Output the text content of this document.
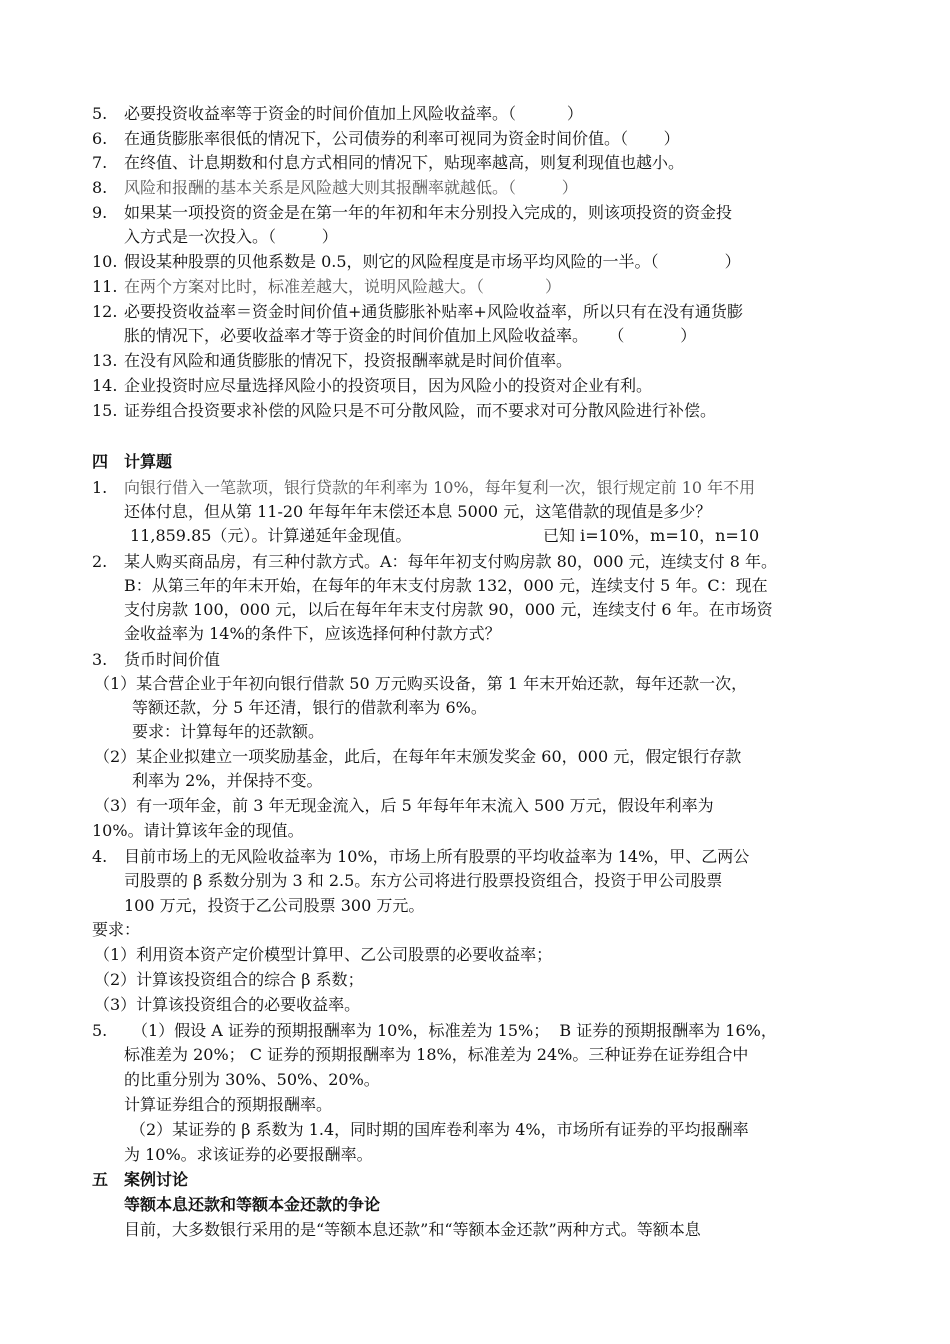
5. 必要投资收益率等于资金的时间价值加上风险收益率。（          ）
6. 在通货膨胀率很低的情况下，公司债券的利率可视同为资金时间价值。（       ）
7. 在终值、计息期数和付息方式相同的情况下，贴现率越高，则复利现值也越小。
8. 风险和报酬的基本关系是风险越大则其报酬率就越低。（         ）
9. 如果某一项投资的资金是在第一年的年初和年末分别投入完成的，则该项投资的资金投
入方式是一次投入。（         ）
10. 假设某种股票的贝他系数是 0.5，则它的风险程度是市场平均风险的一半。（             ）
11. 在两个方案对比时，标准差越大，说明风险越大。（            ）
12. 必要投资收益率＝资金时间价值+通货膨胀补贴率+风险收益率，所以只有在没有通货膨
胀的情况下，必要收益率才等于资金的时间价值加上风险收益率。    （           ）
13. 在没有风险和通货膨胀的情况下，投资报酬率就是时间价值率。
14. 企业投资时应尽量选择风险小的投资项目，因为风险小的投资对企业有利。
15. 证券组合投资要求补偿的风险只是不可分散风险，而不要求对可分散风险进行补偿。
四 计算题
1. 向银行借入一笔款项，银行贷款的年利率为 10%，每年复利一次，银行规定前 10 年不用
还体付息，但从第 11-20 年每年年末偿还本息 5000 元，这笔借款的现值是多少？
11,859.85（元）。计算递延年金现值。	已知 i=10%，m=10，n=10
2. 某人购买商品房，有三种付款方式。A：每年年初支付购房款 80，000 元，连续支付 8 年。
B：从第三年的年末开始，在每年的年末支付房款 132，000 元，连续支付 5 年。C：现在
支付房款 100，000 元，以后在每年年末支付房款 90，000 元，连续支付 6 年。在市场资
金收益率为 14%的条件下，应该选择何种付款方式？
3. 货币时间价值
（1）某合营企业于年初向银行借款 50 万元购买设备，第 1 年末开始还款，每年还款一次，
等额还款，分 5 年还清，银行的借款利率为 6%。
要求：计算每年的还款额。
（2）某企业拟建立一项奖励基金，此后，在每年年末颁发奖金 60，000 元，假定银行存款
利率为 2%，并保持不变。
（3）有一项年金，前 3 年无现金流入，后 5 年每年年末流入 500 万元，假设年利率为
10%。请计算该年金的现值。
4. 目前市场上的无风险收益率为 10%，市场上所有股票的平均收益率为 14%，甲、乙两公
司股票的 β 系数分别为 3 和 2.5。东方公司将进行股票投资组合，投资于甲公司股票
100 万元，投资于乙公司股票 300 万元。
要求：
（1）利用资本资产定价模型计算甲、乙公司股票的必要收益率；
（2）计算该投资组合的综合 β 系数；
（3）计算该投资组合的必要收益率。
5. （1）假设 A 证券的预期报酬率为 10%，标准差为 15%；  B 证券的预期报酬率为 16%，
标准差为 20%； C 证券的预期报酬率为 18%，标准差为 24%。三种证券在证券组合中
的比重分别为 30%、50%、20%。
计算证券组合的预期报酬率。
（2）某证券的 β 系数为 1.4，同时期的国库卷利率为 4%，市场所有证券的平均报酬率
为 10%。求该证券的必要报酬率。
五 案例讨论
等额本息还款和等额本金还款的争论
目前，大多数银行采用的是“等额本息还款”和“等额本金还款”两种方式。等额本息
